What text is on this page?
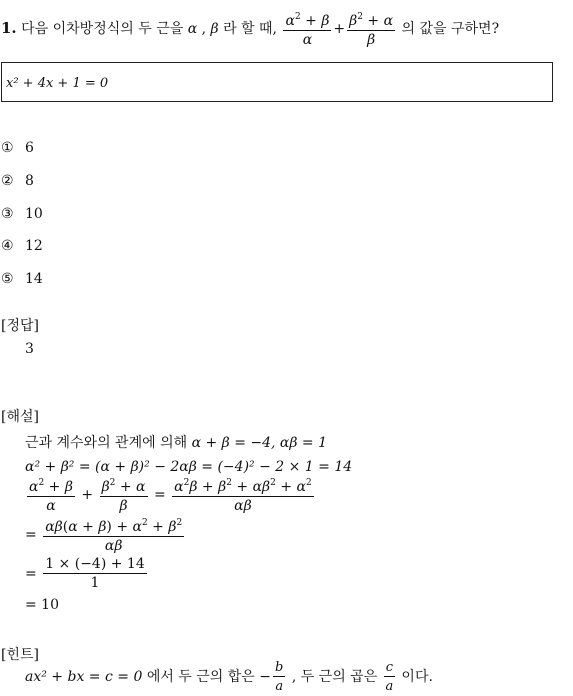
1. 다음 이차방정식의 두 근을 α , β 라 할 때, $\frac{\alpha^2 + \beta}{\alpha} + \frac{\beta^2 + \alpha}{\beta}$ 의 값을 구하면?
x² + 4x + 1 = 0
① 6
② 8
③ 10
④ 12
⑤ 14
[정답]
3
[해설]
근과 계수와의 관계에 의해 α + β = −4, αβ = 1
α² + β² = (α + β)² − 2αβ = (−4)² − 2 × 1 = 14
$\frac{\alpha^2 + \beta}{\alpha} + \frac{\beta^2 + \alpha}{\beta} = \frac{\alpha^2\beta + \beta^2 + \alpha\beta^2 + \alpha^2}{\alpha\beta}$
= $\frac{\alpha\beta(\alpha + \beta) + \alpha^2 + \beta^2}{\alpha\beta}$
= $\frac{1 \times (-4) + 14}{1}$
= 10
[힌트]
ax² + bx = c = 0 에서 두 근의 합은 − $\frac{b}{a}$ , 두 근의 곱은 $\frac{c}{a}$ 이다.
